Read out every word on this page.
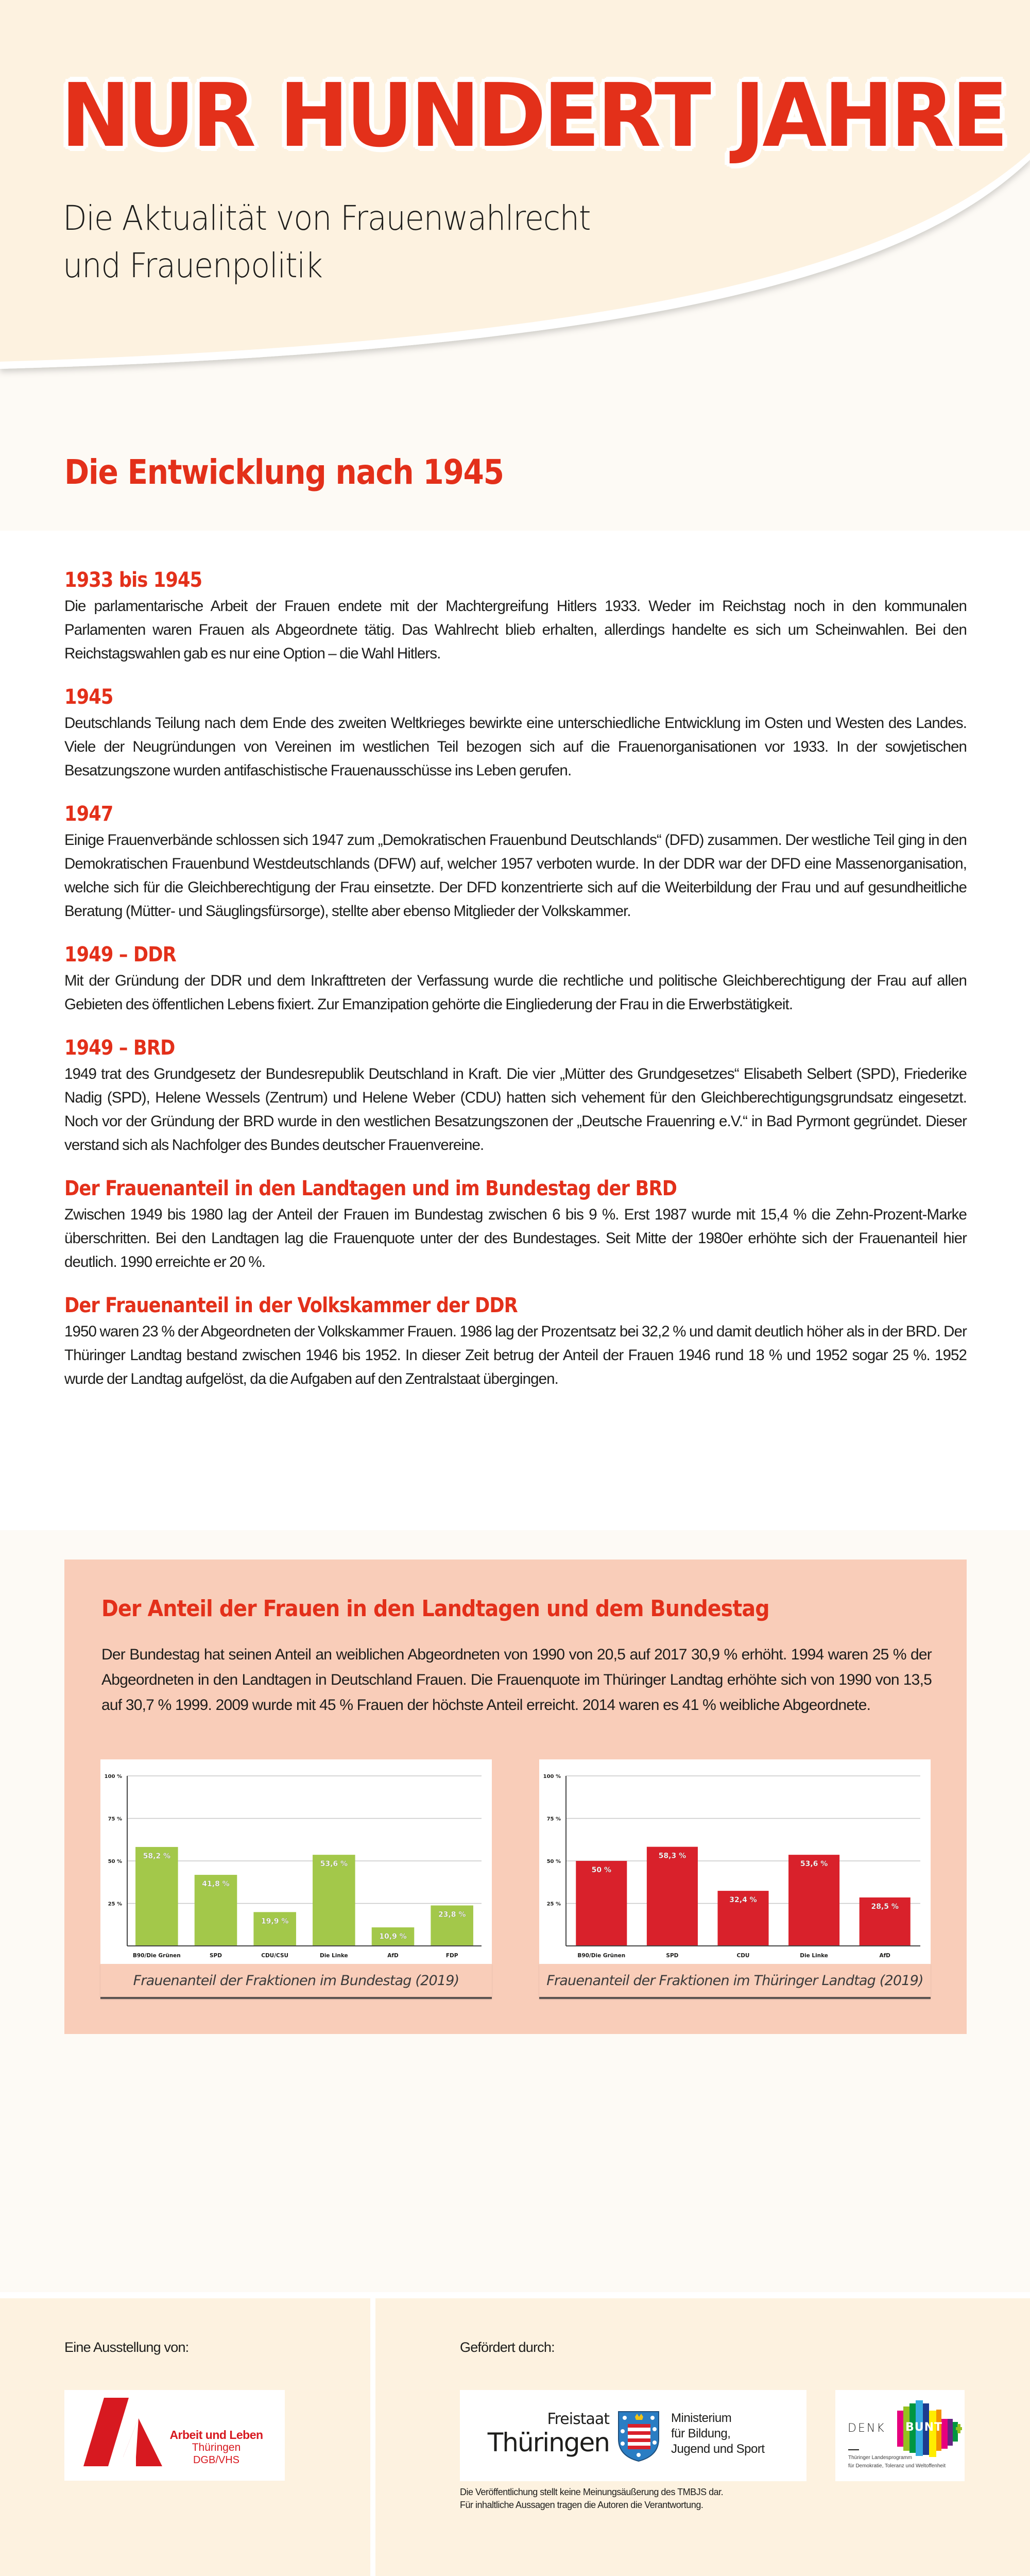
NUR HUNDERT JAHRE
Die Aktualität von Frauenwahlrecht
und Frauenpolitik
Die Entwicklung nach 1945
1933 bis 1945

Die parlamentarische Arbeit der Frauen endete mit der Machtergreifung Hitlers 1933. Weder im Reichstag noch in den kommunalen Parlamenten waren Frauen als Abgeordnete tätig. Das Wahlrecht blieb erhalten, allerdings handelte es sich um Scheinwahlen. Bei den Reichstagswahlen gab es nur eine Option – die Wahl Hitlers.

1945

Deutschlands Teilung nach dem Ende des zweiten Weltkrieges bewirkte eine unterschiedliche Entwicklung im Osten und Westen des Landes. Viele der Neugründungen von Vereinen im westlichen Teil bezogen sich auf die Frauenorganisationen vor 1933. In der sowjetischen Besatzungszone wurden antifaschistische Frauenausschüsse ins Leben gerufen.

1947

Einige Frauenverbände schlossen sich 1947 zum „Demokratischen Frauenbund Deutschlands“ (DFD) zusammen. Der westliche Teil ging in den Demokratischen Frauenbund Westdeutschlands (DFW) auf, welcher 1957 verboten wurde. In der DDR war der DFD eine Massenorganisation, welche sich für die Gleichberechtigung der Frau einsetzte. Der DFD konzentrierte sich auf die Weiterbildung der Frau und auf gesundheitliche Beratung (Mütter- und Säuglingsfürsorge), stellte aber ebenso Mitglieder der Volkskammer.

1949 – DDR

Mit der Gründung der DDR und dem Inkrafttreten der Verfassung wurde die rechtliche und politische Gleichberechtigung der Frau auf allen Gebieten des öffentlichen Lebens fixiert. Zur Emanzipation gehörte die Eingliederung der Frau in die Erwerbstätigkeit.

1949 – BRD

1949 trat des Grundgesetz der Bundesrepublik Deutschland in Kraft. Die vier „Mütter des Grundgesetzes“ Elisabeth Selbert (SPD), Friederike Nadig (SPD), Helene Wessels (Zentrum) und Helene Weber (CDU) hatten sich vehement für den Gleichberechtigungsgrundsatz eingesetzt. Noch vor der Gründung der BRD wurde in den westlichen Besatzungszonen der „Deutsche Frauenring e.V.“ in Bad Pyrmont gegründet. Dieser verstand sich als Nachfolger des Bundes deutscher Frauenvereine.

Der Frauenanteil in den Landtagen und im Bundestag der BRD

Zwischen 1949 bis 1980 lag der Anteil der Frauen im Bundestag zwischen 6 bis 9 %. Erst 1987 wurde mit 15,4 % die Zehn-Prozent-Marke überschritten. Bei den Landtagen lag die Frauenquote unter der des Bundestages. Seit Mitte der 1980er erhöhte sich der Frauenanteil hier deutlich. 1990 erreichte er 20 %.

Der Frauenanteil in der Volkskammer der DDR

1950 waren 23 % der Abgeordneten der Volkskammer Frauen. 1986 lag der Prozentsatz bei 32,2 % und damit deutlich höher als in der BRD. Der Thüringer Landtag bestand zwischen 1946 bis 1952. In dieser Zeit betrug der Anteil der Frauen 1946 rund 18 % und 1952 sogar 25 %. 1952 wurde der Landtag aufgelöst, da die Aufgaben auf den Zentralstaat übergingen.

Der Anteil der Frauen in den Landtagen und dem Bundestag

Der Bundestag hat seinen Anteil an weiblichen Abgeordneten von 1990 von 20,5 auf 2017 30,9 % erhöht. 1994 waren 25 % der Abgeordneten in den Landtagen in Deutschland Frauen. Die Frauenquote im Thüringer Landtag erhöhte sich von 1990 von 13,5 auf 30,7 % 1999. 2009 wurde mit 45 % Frauen der höchste Anteil erreicht. 2014 waren es 41 % weibliche Abgeordnete.

25 %
50 %
75 %
100 %
58,2 %
B90/Die Grünen
41,8 %
SPD
19,9 %
CDU/CSU
53,6 %
Die Linke
10,9 %
AfD
23,8 %
FDP
Frauenanteil der Fraktionen im Bundestag (2019)
25 %
50 %
75 %
100 %
50 %
B90/Die Grünen
58,3 %
SPD
32,4 %
CDU
53,6 %
Die Linke
28,5 %
AfD
Frauenanteil der Fraktionen im Thüringer Landtag (2019)

Eine Ausstellung von:

Arbeit und Leben
Thüringen
DGB/VHS

Gefördert durch:

Freistaat
Thüringen
Ministerium
für Bildung,
Jugend und Sport
DENK BUNT
Thüringer Landesprogramm
für Demokratie, Toleranz und Weltoffenheit
Die Veröffentlichung stellt keine Meinungsäußerung des TMBJS dar.
Für inhaltliche Aussagen tragen die Autoren die Verantwortung.
